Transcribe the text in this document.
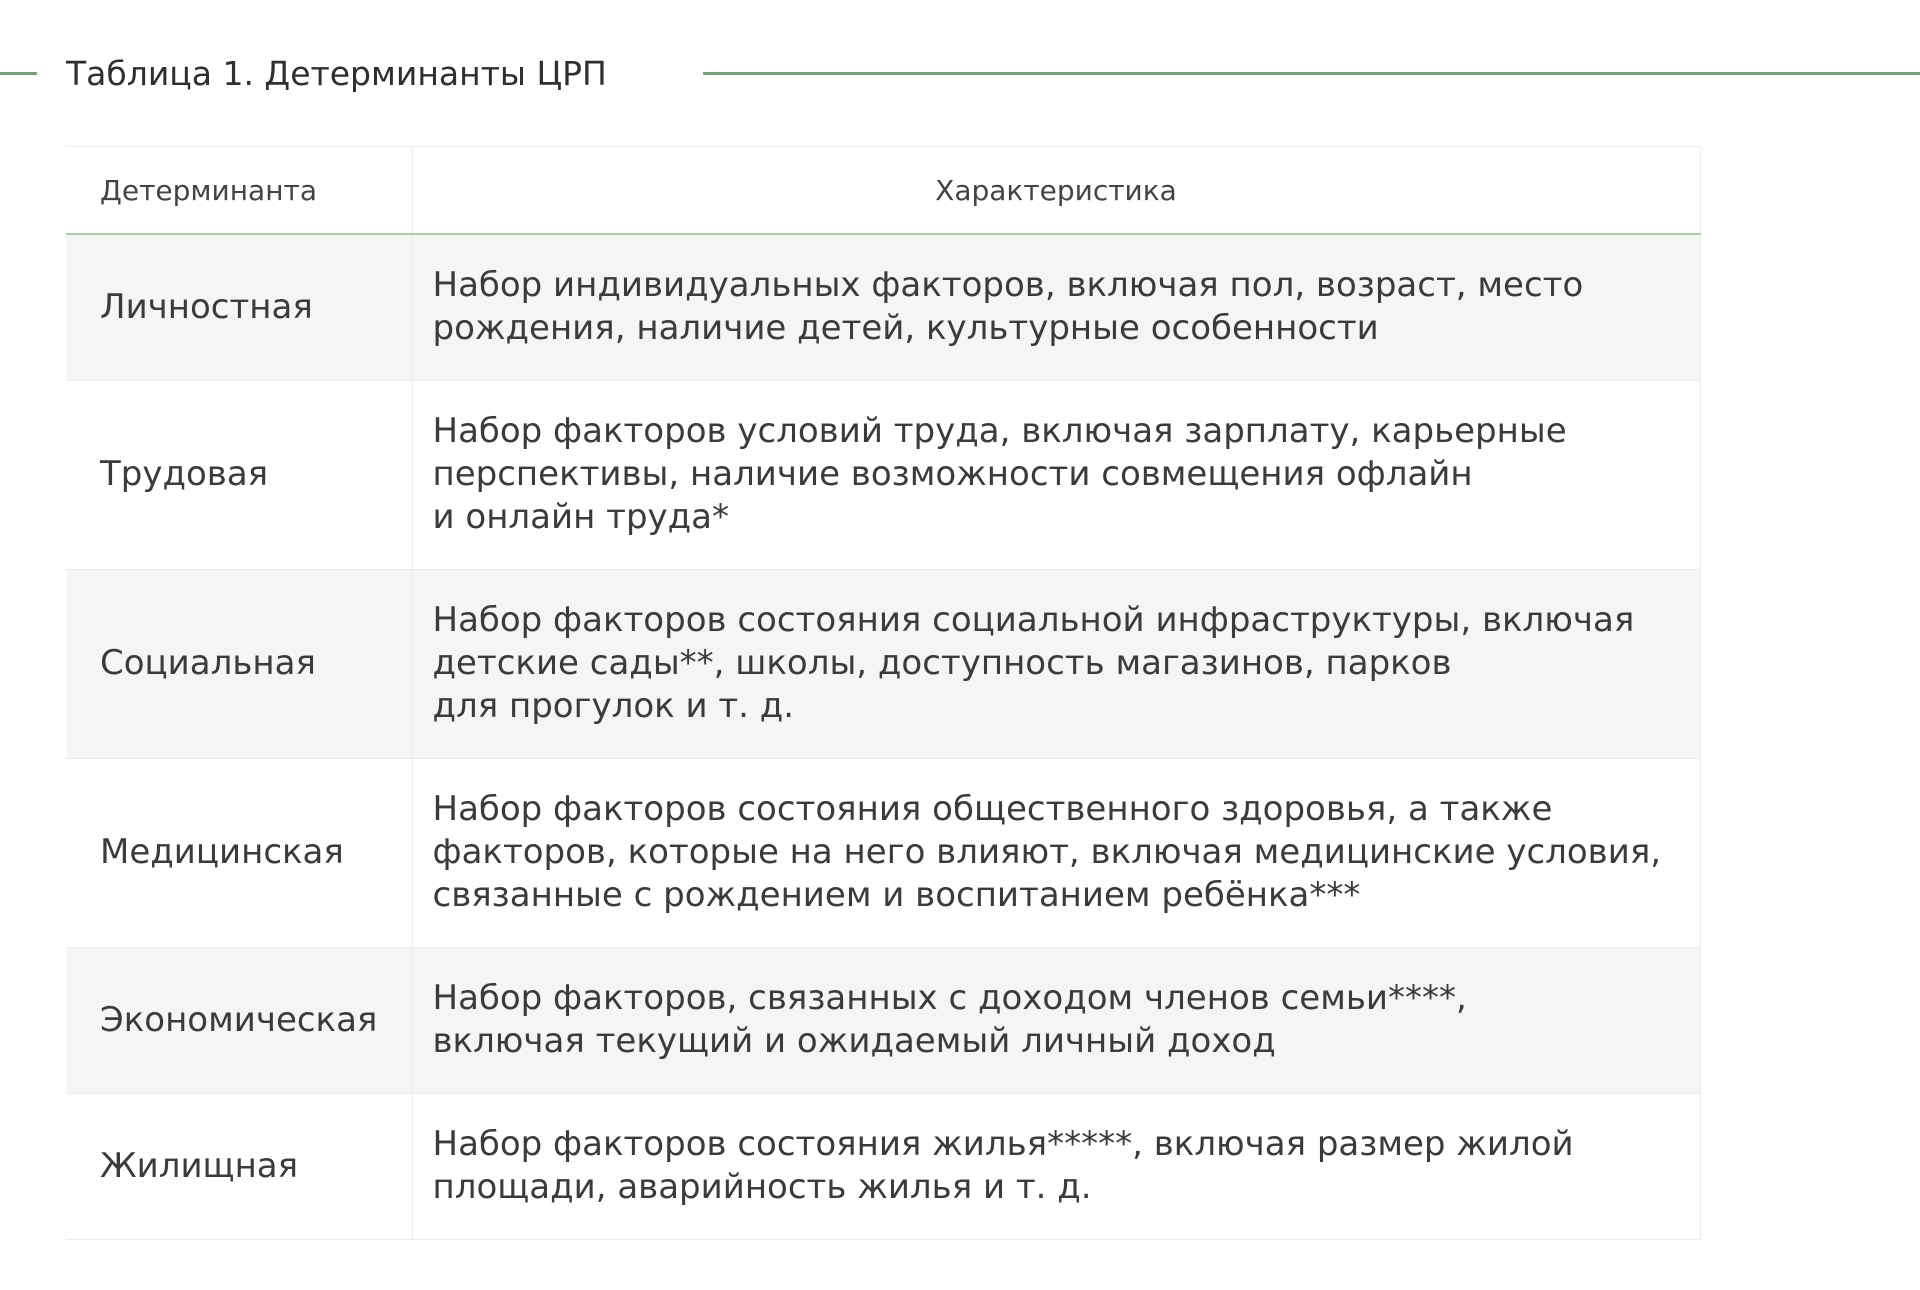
Таблица 1. Детерминанты ЦРП
Детерминанта	Характеристика
Личностная	Набор индивидуальных факторов, включая пол, возраст, место
рождения, наличие детей, культурные особенности

Трудовая	Набор факторов условий труда, включая зарплату, карьерные
перспективы, наличие возможности совмещения офлайн
и онлайн труда*

Социальная	Набор факторов состояния социальной инфраструктуры, включая
детские сады**, школы, доступность магазинов, парков
для прогулок и т. д.

Медицинская	Набор факторов состояния общественного здоровья, а также
факторов, которые на него влияют, включая медицинские условия,
связанные с рождением и воспитанием ребёнка***

Экономическая	Набор факторов, связанных с доходом членов семьи****,
включая текущий и ожидаемый личный доход

Жилищная	Набор факторов состояния жилья*****, включая размер жилой
площади, аварийность жилья и т. д.
